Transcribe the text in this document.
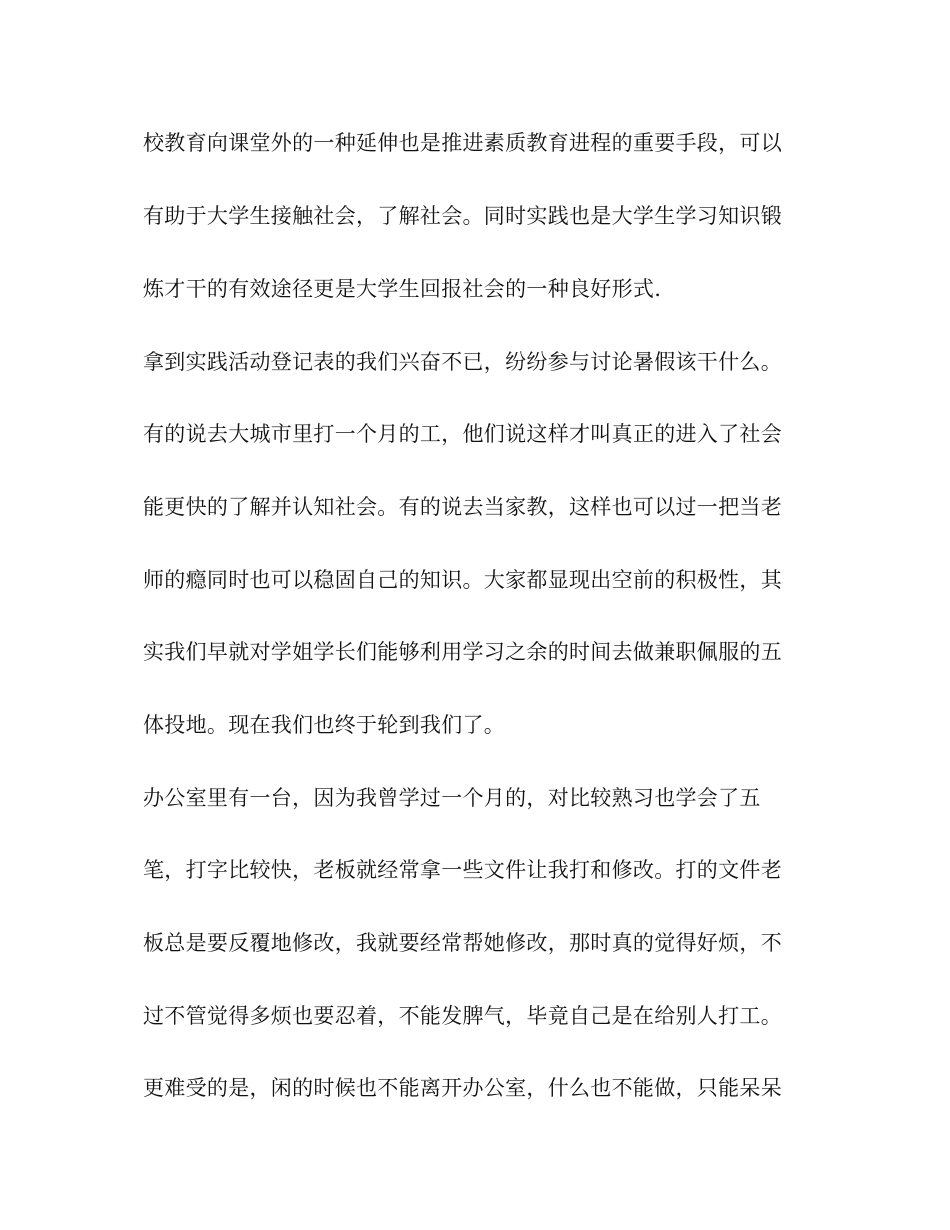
校教育向课堂外的一种延伸也是推进素质教育进程的重要手段，可以
有助于大学生接触社会，了解社会。同时实践也是大学生学习知识锻
炼才干的有效途径更是大学生回报社会的一种良好形式.
拿到实践活动登记表的我们兴奋不已，纷纷参与讨论暑假该干什么。
有的说去大城市里打一个月的工，他们说这样才叫真正的进入了社会
能更快的了解并认知社会。有的说去当家教，这样也可以过一把当老
师的瘾同时也可以稳固自己的知识。大家都显现出空前的积极性，其
实我们早就对学姐学长们能够利用学习之余的时间去做兼职佩服的五
体投地。现在我们也终于轮到我们了。
办公室里有一台，因为我曾学过一个月的，对比较熟习也学会了五
笔，打字比较快，老板就经常拿一些文件让我打和修改。打的文件老
板总是要反覆地修改，我就要经常帮她修改，那时真的觉得好烦，不
过不管觉得多烦也要忍着，不能发脾气，毕竟自己是在给别人打工。
更难受的是，闲的时候也不能离开办公室，什么也不能做，只能呆呆
